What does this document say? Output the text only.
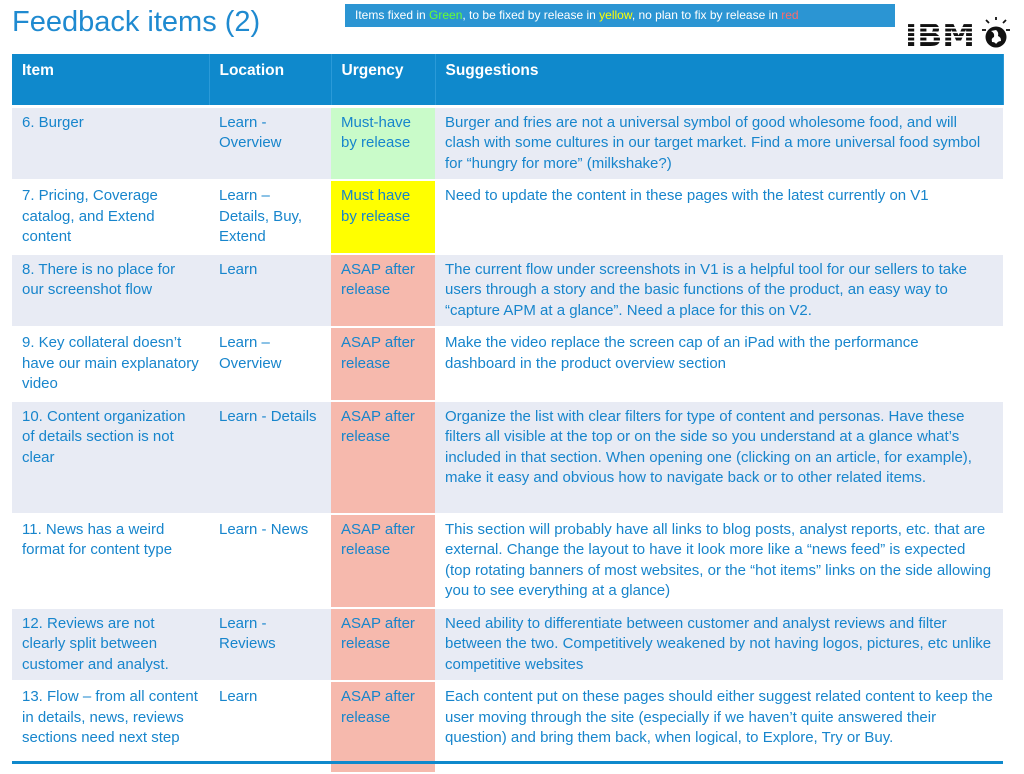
Feedback items (2)	Items fixed in Green, to be fixed by release in yellow, no plan to fix by release in red
Item	Location	Urgency	Suggestions
6. Burger	Learn - Overview	Must-have by release	Burger and fries are not a universal symbol of good wholesome food, and will clash with some cultures in our target market. Find a more universal food symbol for “hungry for more” (milkshake?)
7. Pricing, Coverage catalog, and Extend content	Learn – Details, Buy, Extend	Must have by release	Need to update the content in these pages with the latest currently on V1
8. There is no place for our screenshot flow	Learn	ASAP after release	The current flow under screenshots in V1 is a helpful tool for our sellers to take users through a story and the basic functions of the product, an easy way to “capture APM at a glance”. Need a place for this on V2.
9. Key collateral doesn’t have our main explanatory video	Learn – Overview	ASAP after release	Make the video replace the screen cap of an iPad with the performance dashboard in the product overview section
10. Content organization of details section is not clear	Learn - Details	ASAP after release	Organize the list with clear filters for type of content and personas. Have these filters all visible at the top or on the side so you understand at a glance what’s included in that section. When opening one (clicking on an article, for example), make it easy and obvious how to navigate back or to other related items.
11. News has a weird format for content type	Learn - News	ASAP after release	This section will probably have all links to blog posts, analyst reports, etc. that are external. Change the layout to have it look more like a “news feed” is expected (top rotating banners of most websites, or the “hot items” links on the side allowing you to see everything at a glance)
12. Reviews are not clearly split between customer and analyst.	Learn - Reviews	ASAP after release	Need ability to differentiate between customer and analyst reviews and filter between the two. Competitively weakened by not having logos, pictures, etc unlike competitive websites
13. Flow – from all content in details, news, reviews sections need next step	Learn	ASAP after release	Each content put on these pages should either suggest related content to keep the user moving through the site (especially if we haven’t quite answered their question) and bring them back, when logical, to Explore, Try or Buy.
